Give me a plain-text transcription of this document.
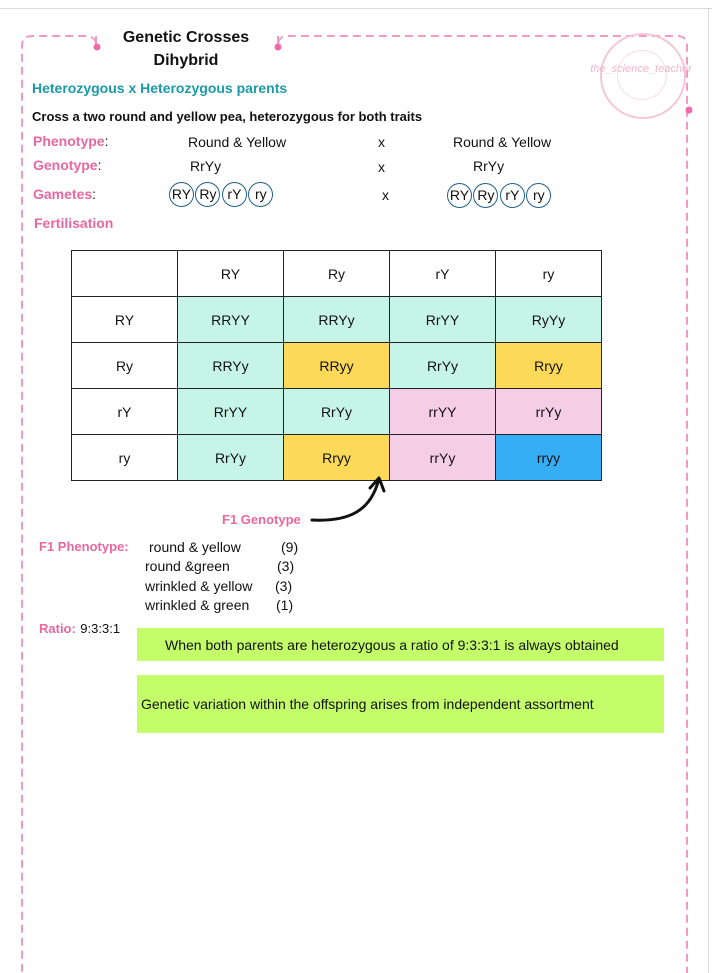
the_science_teacher
Genetic Crosses
Dihybrid
Heterozygous x Heterozygous parents
Cross a two round and yellow pea, heterozygous for both traits
Phenotype:	Round & Yellow	x	Round & Yellow
Genotype:	RrYy	x	RrYy
Gametes:	RY Ry rY ry	x	RY Ry rY ry
Fertilisation
	RY	Ry	rY	ry
RY	RRYY	RRYy	RrYY	RyYy
Ry	RRYy	RRyy	RrYy	Rryy
rY	RrYY	RrYy	rrYY	rrYy
ry	RrYy	Rryy	rrYy	rryy
F1 Genotype
F1 Phenotype: round & yellow	(9)
round &green	(3)
wrinkled & yellow (3)
wrinkled & green (1)
Ratio: 9:3:3:1
When both parents are heterozygous a ratio of 9:3:3:1 is always obtained
Genetic variation within the offspring arises from independent assortment
